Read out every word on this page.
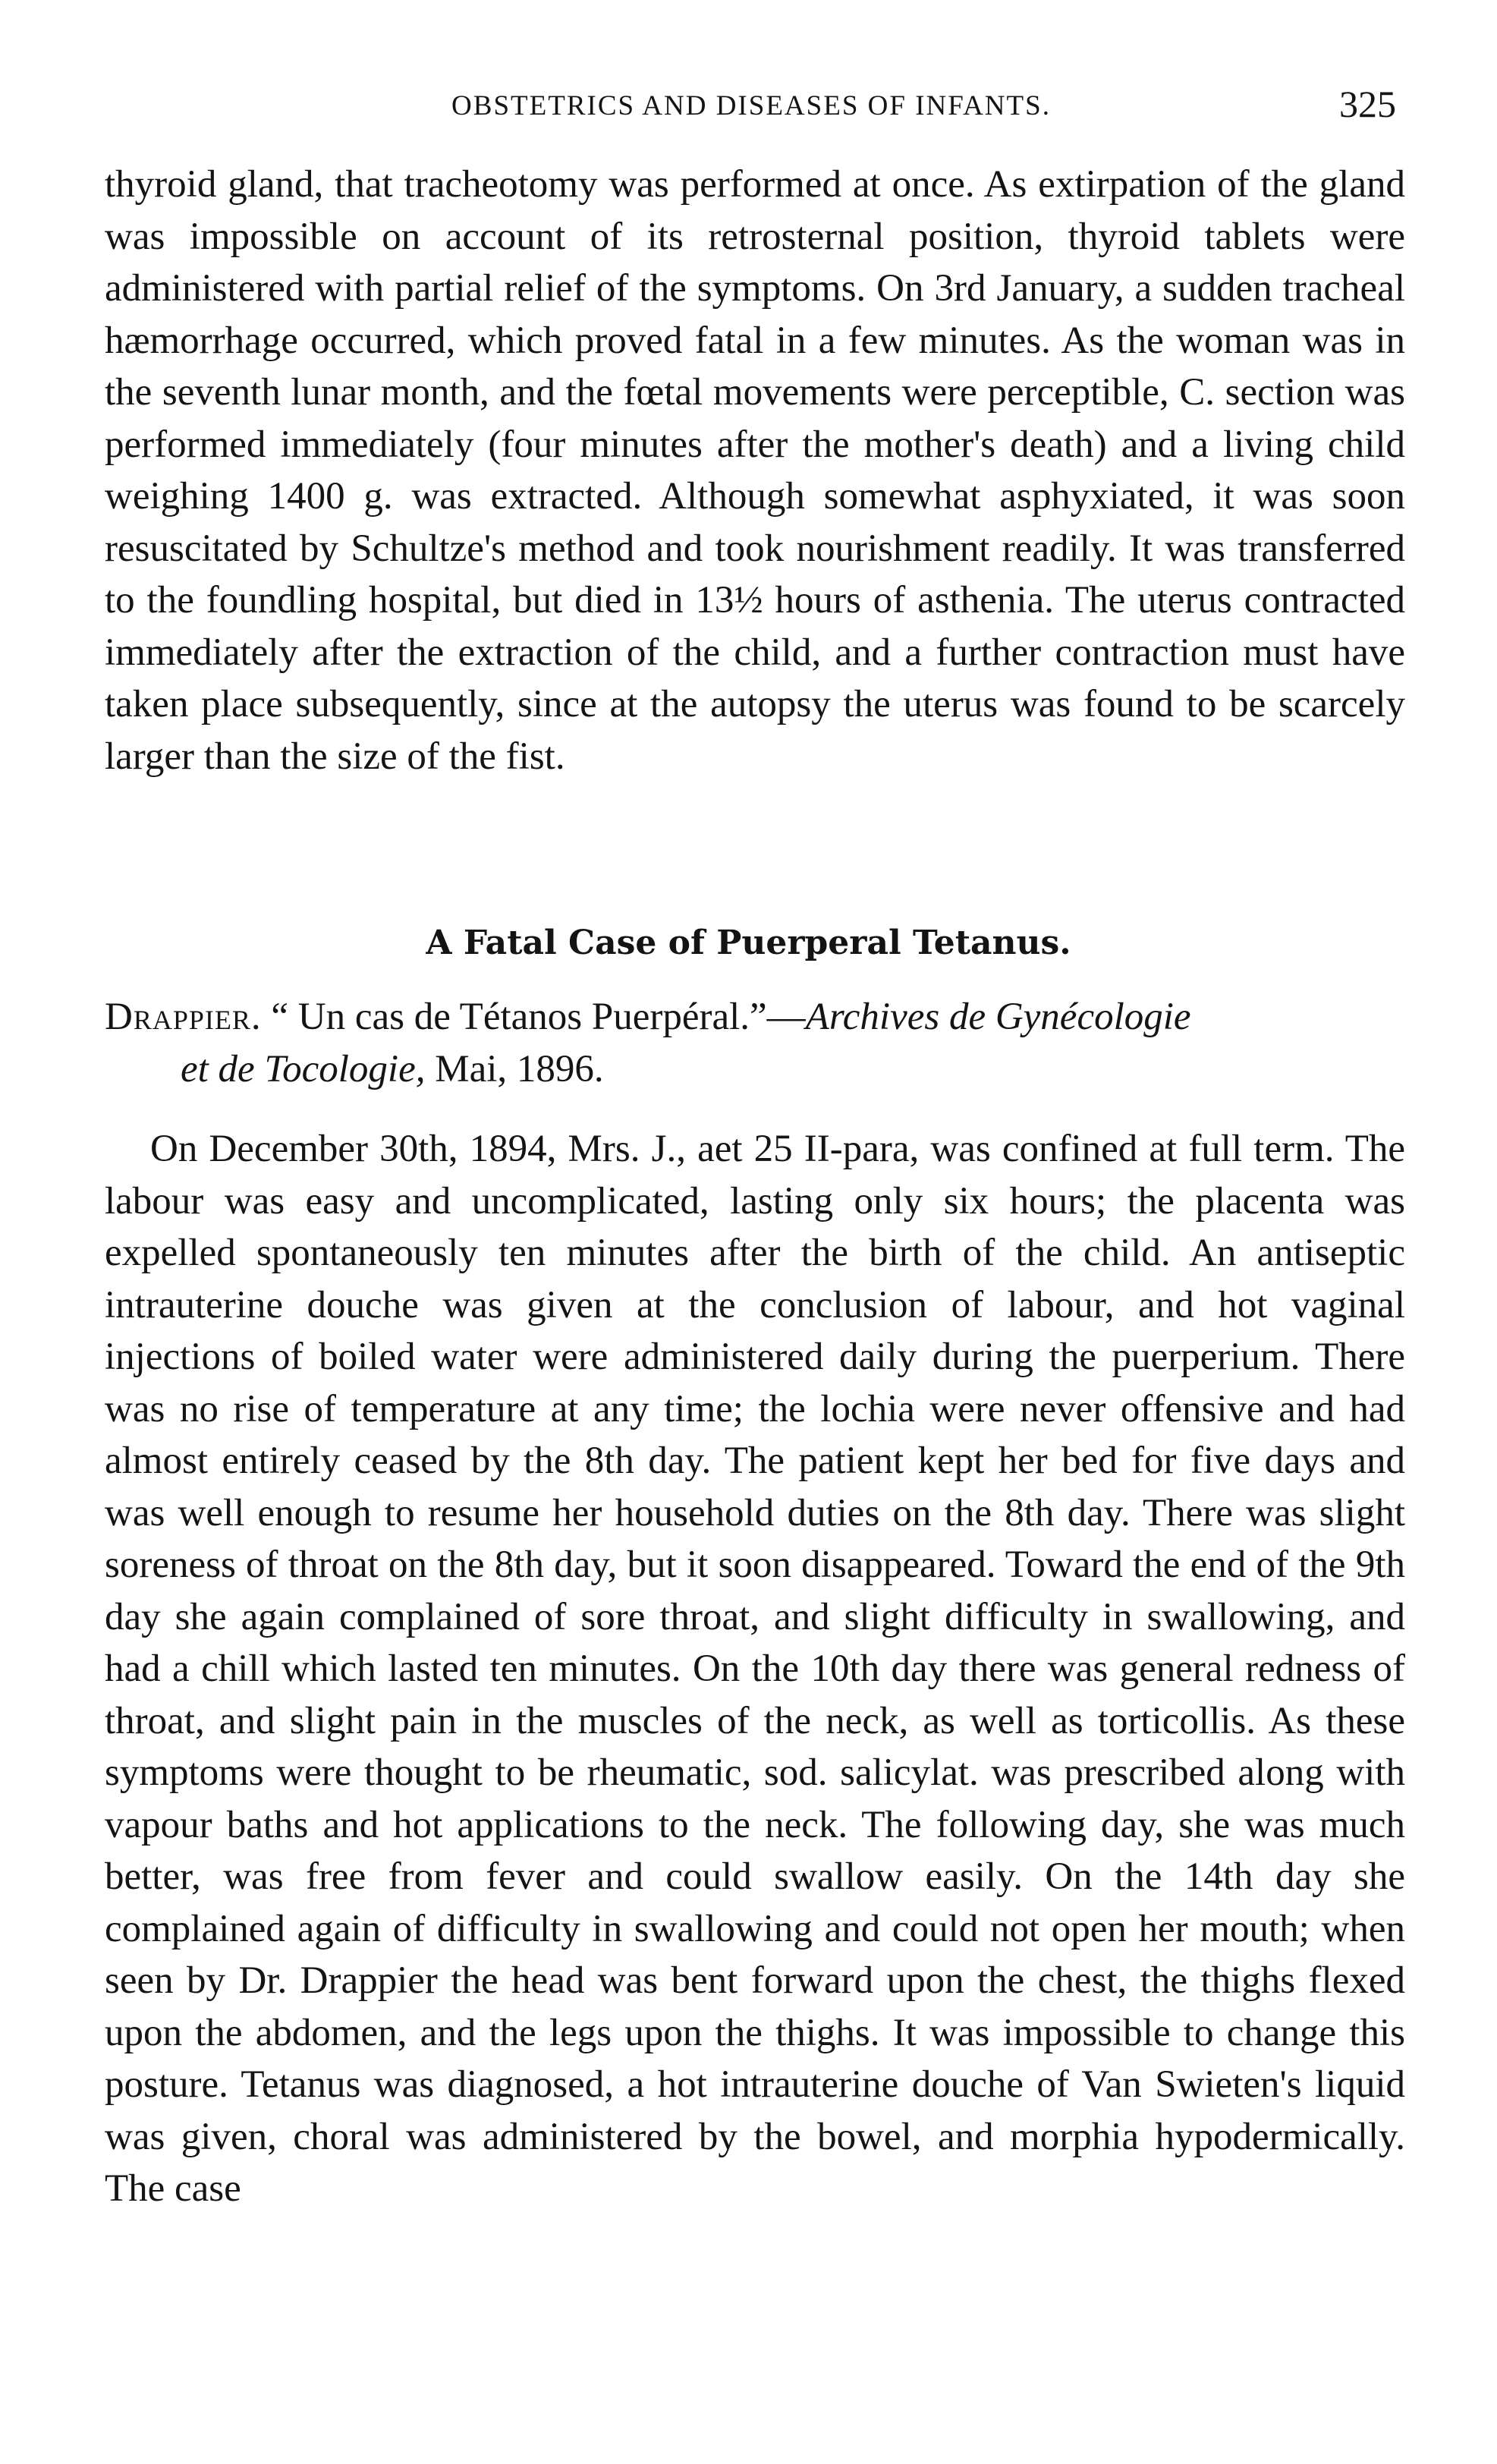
OBSTETRICS AND DISEASES OF INFANTS.	325

thyroid gland, that tracheotomy was performed at once. As extirpation of the gland was impossible on account of its retrosternal position, thyroid tablets were administered with partial relief of the symptoms. On 3rd January, a sudden tracheal hæmorrhage occurred, which proved fatal in a few minutes. As the woman was in the seventh lunar month, and the fœtal movements were perceptible, C. section was performed immediately (four minutes after the mother's death) and a living child weighing 1400 g. was extracted. Although somewhat asphyxiated, it was soon resuscitated by Schultze's method and took nourishment readily. It was transferred to the foundling hospital, but died in 13½ hours of asthenia. The uterus contracted immediately after the extraction of the child, and a further contraction must have taken place subsequently, since at the autopsy the uterus was found to be scarcely larger than the size of the fist.

A Fatal Case of Puerperal Tetanus.
Drappier. “ Un cas de Tétanos Puerpéral.”—Archives de Gynécologie
et de Tocologie, Mai, 1896.

On December 30th, 1894, Mrs. J., aet 25 II-para, was confined at full term. The labour was easy and uncomplicated, lasting only six hours; the placenta was expelled spontaneously ten minutes after the birth of the child. An antiseptic intrauterine douche was given at the conclusion of labour, and hot vaginal injections of boiled water were administered daily during the puerperium. There was no rise of temperature at any time; the lochia were never offensive and had almost entirely ceased by the 8th day. The patient kept her bed for five days and was well enough to resume her household duties on the 8th day. There was slight soreness of throat on the 8th day, but it soon disappeared. Toward the end of the 9th day she again complained of sore throat, and slight difficulty in swallowing, and had a chill which lasted ten minutes. On the 10th day there was general redness of throat, and slight pain in the muscles of the neck, as well as torticollis. As these symptoms were thought to be rheumatic, sod. salicylat. was prescribed along with vapour baths and hot applications to the neck. The following day, she was much better, was free from fever and could swallow easily. On the 14th day she complained again of difficulty in swallowing and could not open her mouth; when seen by Dr. Drappier the head was bent forward upon the chest, the thighs flexed upon the abdomen, and the legs upon the thighs. It was impossible to change this posture. Tetanus was diagnosed, a hot intrauterine douche of Van Swieten's liquid was given, choral was administered by the bowel, and morphia hypodermically. The case
